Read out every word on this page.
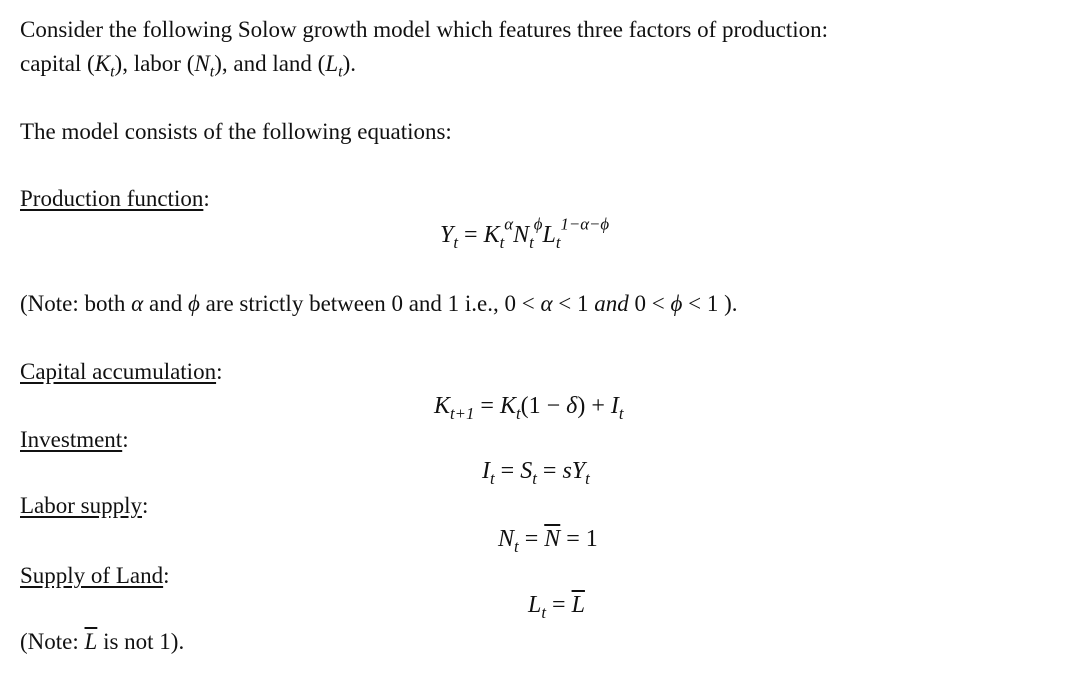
Consider the following Solow growth model which features three factors of production:
capital $(K_t)$, labor $(N_t)$, and land $(L_t)$.
The model consists of the following equations:
Production function:
$Y_t = K_t^\alpha N_t^\phi L_t^{1-\alpha-\phi}$
(Note: both α and ϕ are strictly between 0 and 1 i.e., 0 < α < 1 and 0 < ϕ < 1 ).
Capital accumulation:
$K_{t+1} = K_t(1 - \delta) + I_t$
Investment:
$I_t = S_t = sY_t$
Labor supply:
$N_t = \overline{N} = 1$
Supply of Land:
$L_t = \overline{L}$
(Note: $\overline{L}$ is not 1).
